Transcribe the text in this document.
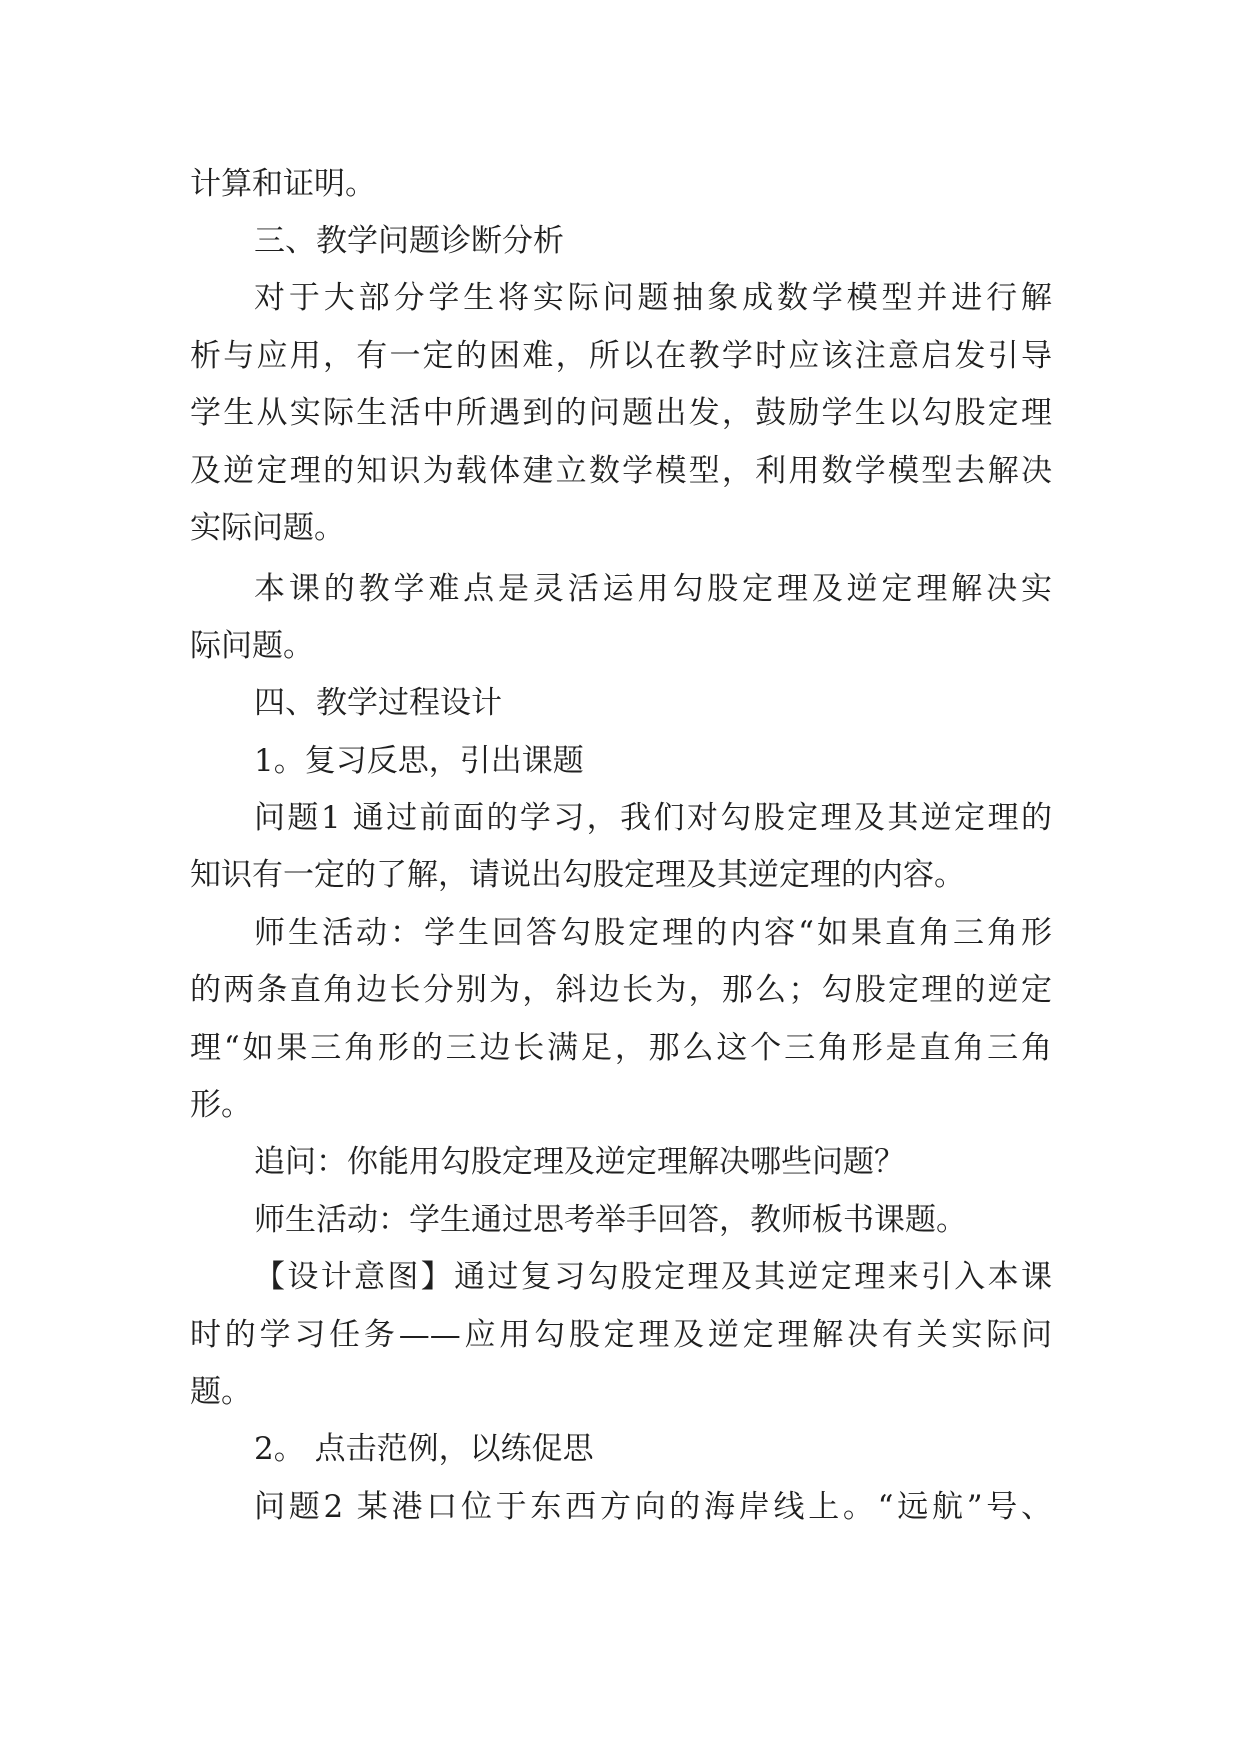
计算和证明。
三、教学问题诊断分析
对于大部分学生将实际问题抽象成数学模型并进行解
析与应用，有一定的困难，所以在教学时应该注意启发引导
学生从实际生活中所遇到的问题出发，鼓励学生以勾股定理
及逆定理的知识为载体建立数学模型，利用数学模型去解决
实际问题。
本课的教学难点是灵活运用勾股定理及逆定理解决实
际问题。
四、教学过程设计
1。复习反思，引出课题
问题1 通过前面的学习，我们对勾股定理及其逆定理的
知识有一定的了解，请说出勾股定理及其逆定理的内容。
师生活动：学生回答勾股定理的内容“如果直角三角形
的两条直角边长分别为，斜边长为，那么；勾股定理的逆定
理“如果三角形的三边长满足，那么这个三角形是直角三角
形。
追问：你能用勾股定理及逆定理解决哪些问题？
师生活动：学生通过思考举手回答，教师板书课题。
【设计意图】通过复习勾股定理及其逆定理来引入本课
时的学习任务——应用勾股定理及逆定理解决有关实际问
题。
2。 点击范例，以练促思
问题2 某港口位于东西方向的海岸线上。“远航”号、
